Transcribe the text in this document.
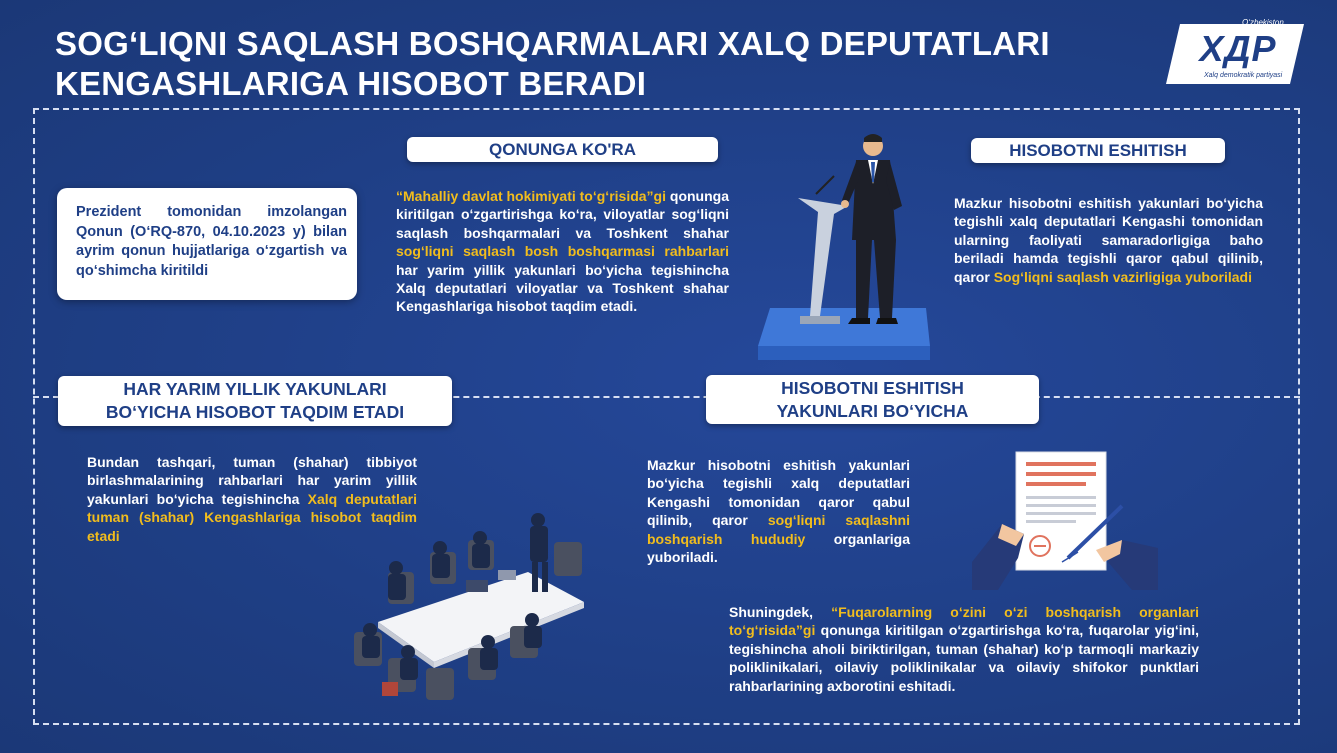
SOG‘LIQNI SAQLASH BOSHQARMALARI XALQ DEPUTATLARI
KENGASHLARIGA HISOBOT BERADI
O‘zbekiston
XДP
Xalq demokratik partiyasi
Prezident tomonidan imzolangan Qonun (O‘RQ-870, 04.10.2023 y) bilan ayrim qonun hujjatlariga o‘zgartish va qo‘shimcha kiritildi
QONUNGA KO'RA
“Mahalliy davlat hokimiyati to‘g‘risida”gi qonunga kiritilgan o‘zgartirishga ko‘ra, viloyatlar sog‘liqni saqlash boshqarmalari va Toshkent shahar sog‘liqni saqlash bosh boshqarmasi rahbarlari har yarim yillik yakunlari bo‘yicha tegishincha Xalq deputatlari viloyatlar va Toshkent shahar Kengashlariga hisobot taqdim etadi.
HISOBOTNI ESHITISH
Mazkur hisobotni eshitish yakunlari bo‘yicha tegishli xalq deputatlari Kengashi tomonidan ularning faoliyati samaradorligiga baho beriladi hamda tegishli qaror qabul qilinib, qaror Sog‘liqni saqlash vazirligiga yuboriladi
HAR YARIM YILLIK YAKUNLARI
BO‘YICHA HISOBOT TAQDIM ETADI
Bundan tashqari, tuman (shahar) tibbiyot birlashmalarining rahbarlari har yarim yillik yakunlari bo‘yicha tegishincha Xalq deputatlari tuman (shahar) Kengashlariga hisobot taqdim etadi
HISOBOTNI ESHITISH
YAKUNLARI BO‘YICHA
Mazkur hisobotni eshitish yakunlari bo‘yicha tegishli xalq deputatlari Kengashi tomonidan qaror qabul qilinib, qaror sog‘liqni saqlashni boshqarish hududiy organlariga yuboriladi.
Shuningdek, “Fuqarolarning o‘zini o‘zi boshqarish organlari to‘g‘risida”gi qonunga kiritilgan o‘zgartirishga ko‘ra, fuqarolar yig‘ini, tegishincha aholi biriktirilgan, tuman (shahar) ko‘p tarmoqli markaziy poliklinikalari, oilaviy poliklinikalar va oilaviy shifokor punktlari rahbarlarining axborotini eshitadi.
